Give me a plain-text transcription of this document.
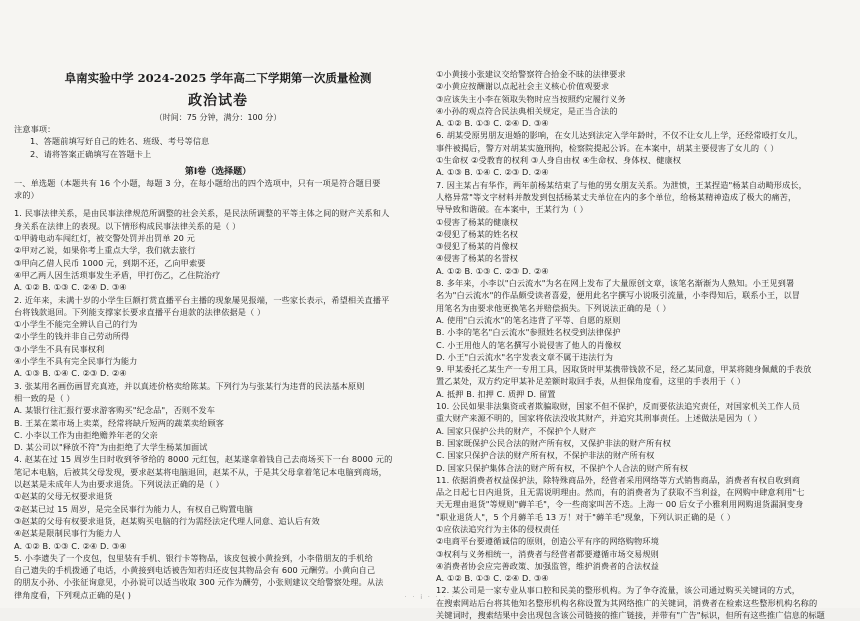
阜南实验中学 2024-2025 学年高二下学期第一次质量检测
政治试卷
（时间：75 分钟，满分：100 分）
注意事项：
1、答题前填写好自己的姓名、班级、考号等信息
2、请将答案正确填写在答题卡上
第Ⅰ卷（选择题）
一、单选题（本题共有 16 个小题，每题 3 分，在每小题给出的四个选项中，只有一项是符合题目要
求的）

1. 民事法律关系，是由民事法律规范所调整的社会关系，是民法所调整的平等主体之间的财产关系和人
身关系在法律上的表现。以下情形构成民事法律关系的是（ ）
①甲骑电动车闯红灯，被交警处罚并出罚单 20 元
②甲对乙说，如果你考上重点大学，我们就去旅行
③甲向乙借人民币 1000 元，到期不还，乙向甲索要
④甲乙两人因生活琐事发生矛盾，甲打伤乙，乙住院治疗
A. ①② B. ①③ C. ②④ D. ③④
2. 近年来，未满十岁的小学生巨额打赏直播平台主播的现象屡见报端，一些家长表示，希望相关直播平
台将钱款退回。下列能支撑家长要求直播平台退款的法律依据是（ ）
①小学生不能完全辨认自己的行为
②小学生的钱并非自己劳动所得
③小学生不具有民事权利
④小学生不具有完全民事行为能力
A. ①③ B. ①④ C. ②③ D. ②④
3. 张某用名画伤画冒充真迹，并以真迹价格卖给陈某。下列行为与张某行为违背的民法基本原则
相一致的是（ ）
A. 某银行往汇报行要求游客购买"纪念品"，否则不发车
B. 王某在菜市场上卖菜，经常将缺斤短两的蔬菜卖给顾客
C. 小李以工作为由拒绝赡养年老的父亲
D. 某公司以"释放不符"为由拒绝了大学生杨某加面试
4. 赵某在过 15 周岁生日时收到爷爷给的 8000 元红包，赵某遂拿着钱自己去商场买下一台 8000 元的
笔记本电脑，后被其父母发现，要求赵某将电脑退回，赵某不从，于是其父母拿着笔记本电脑到商场，
以赵某是未成年人为由要求退货。下列说法正确的是（ ）
①赵某的父母无权要求退货
②赵某已过 15 周岁，是完全民事行为能力人，有权自己购置电脑
③赵某的父母有权要求退货，赵某购买电脑的行为需经法定代理人同意、追认后有效
④赵某是限制民事行为能力人
A. ①② B. ①③ C. ②④ D. ③④
5. 小李遗失了一个皮包，包里装有手机、银行卡等物品，该皮包被小黄捡到，小李借朋友的手机给
自己遗失的手机拨通了电话，小黄接到电话被告知若归还皮包其物品会有 600 元酬劳。小黄向自己
的朋友小孙、小张征询意见，小孙说可以适当收取 300 元作为酬劳，小张则建议交给警察处理。从法
律角度看，下列观点正确的是( )
①小黄接小张建议交给警察符合拾金不昧的法律要求
②小黄应按酬谢以点起社会主义核心价值观要求
③应该失主小李在领取失物时应当按照约定履行义务
④小孙的观点符合民法典相关规定，是正当合法的
A. ①② B. ①③ C. ②④ D. ③④
6. 胡某受原男朋友退婚的影响，在女儿达到法定入学年龄时，不仅不让女儿上学，还经常殴打女儿，
事件被揭后，警方对胡某实施刑拘，检察院提起公诉。在本案中，胡某主要侵害了女儿的（ ）
①生命权 ②受教育的权利 ③人身自由权 ④生命权、身体权、健康权
A. ①③ B. ①④ C. ②③ D. ②④
7. 因主某占有华作，两年前杨某结束了与他的男女朋友关系。为泄愤，王某捏造"杨某自动畸形成长，
人格异常"等文字材料并散发到包括杨某丈夫单位在内的多个单位，给杨某精神造成了极大的痛苦，
导导致和谐破。在本案中，王某行为（ ）
①侵害了杨某的健康权
②侵犯了杨某的姓名权
③侵犯了杨某的肖像权
④侵害了杨某的名誉权
A. ①② B. ①③ C. ②③ D. ②④
8. 多年来，小李以"白云流水"为名在网上发布了大量原创文章，该笔名渐渐为人熟知。小王见到署
名为"白云流水"的作品颇受读者喜爱，便用此名字撰写小说吸引流量，小李得知后，联系小王，以冒
用笔名为由要求他更换笔名并赔偿损失。下列说法正确的是（ ）
A. 使用"白云流水"的笔名违背了平等、自愿的原则
B. 小李的笔名"白云流水"参照姓名权受到法律保护
C. 小王用他人的笔名撰写小说侵害了他人的肖像权
D. 小王"白云流水"名字发表文章不属于违法行为
9. 甲某委托乙某生产一专用工具，因取货时甲某携带钱款不足，经乙某同意，甲某将随身佩戴的手表放
置乙某处，双方约定甲某补足差额时取回手表，从担保角度看，这里的手表用于（ ）
A. 抵押 B. 扣押 C. 质押 D. 留置
10. 公民如果非法集资或者欺骗取财，国家不但不保护，反而要依法追究责任，对国家机关工作人员
重大财产来源不明的，国家将依法没收其财产，并追究其刑事责任。上述做法是因为（ ）
A. 国家只保护公共的财产，不保护个人财产
B. 国家既保护公民合法的财产所有权，又保护非法的财产所有权
C. 国家只保护合法的财产所有权，不保护非法的财产所有权
D. 国家只保护集体合法的财产所有权，不保护个人合法的财产所有权
11. 依据消费者权益保护法，除特殊商品外，经营者采用网络等方式销售商品，消费者有权自收到商
品之日起七日内退货，且无需说明理由。然而，有的消费者为了获取不当利益，在网购中肆意利用"七
天无理由退货"等规则"薅羊毛"，令一些商家叫苦不迭。上海一 00 后女子小雅利用网购退货漏洞变身
"职业退货人"，5 个月薅羊毛 13 万！对于"薅羊毛"现象，下列认识正确的是（ ）
①应依法追究行为主体的侵权责任
②电商平台要遵循诚信的原则，创造公平有序的网络购物环境
③权利与义务相统一，消费者与经营者都要遵循市场交易规则
④消费者协会应完善政策、加强监管，维护消费者的合法权益
A. ①② B. ①③ C. ②④ D. ③④
12. 某公司是一家专业从事口腔和民美的整形机构。为了争夺流量，该公司通过购买关键词的方式，
在搜索网站后台将其他知名整形机构名称设置为其网络推广的关键词，消费者在检索这些整形机构名称的
关键词时，搜索结果中会出现包含该公司链接的推广链接，并带有"广告"标识，但所有这些推广信息的标题
· · i · · · ·
